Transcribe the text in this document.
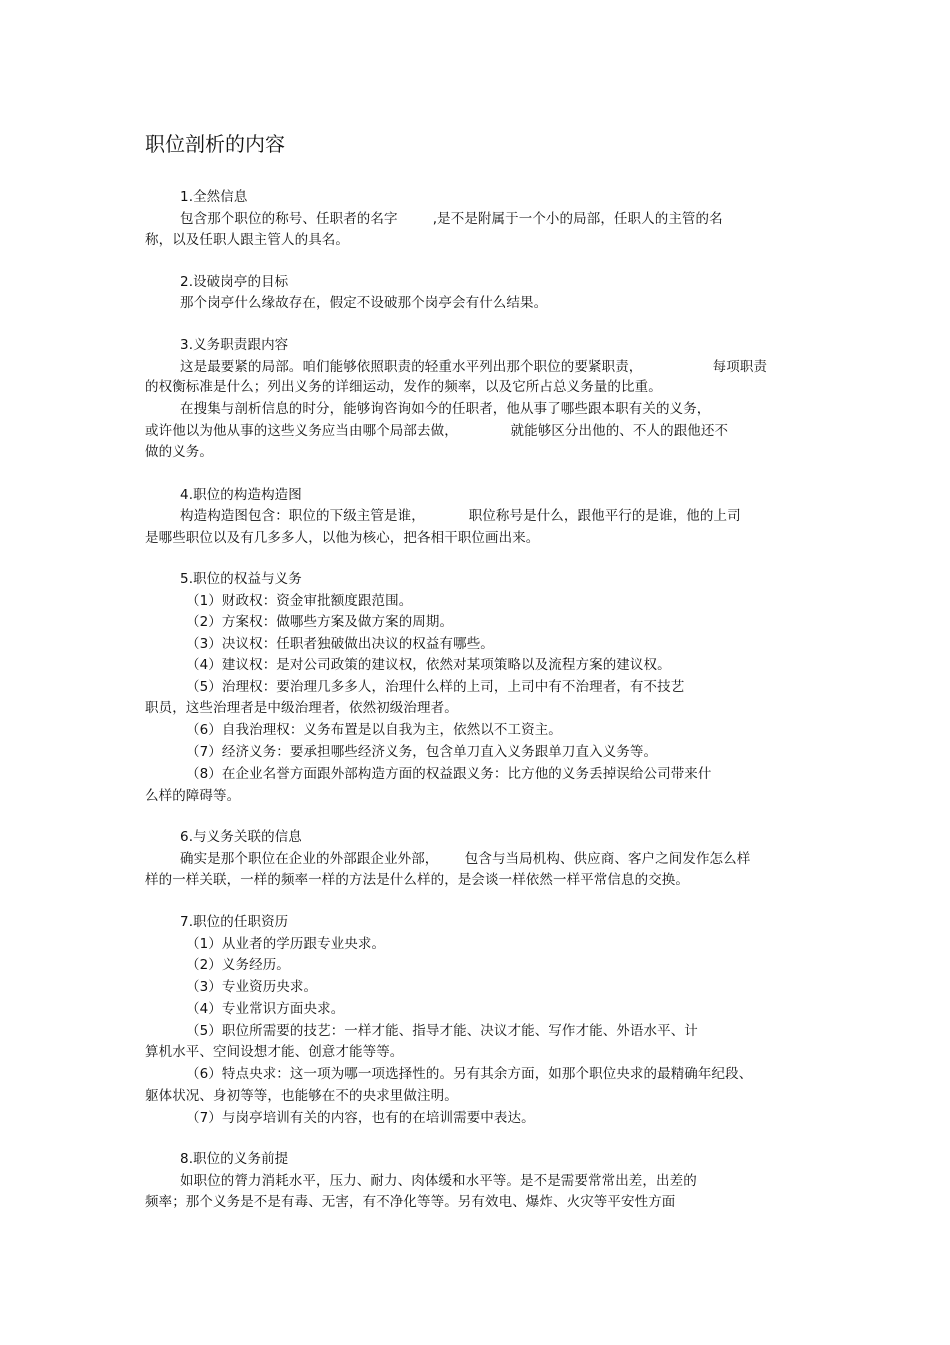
职位剖析的内容
1.全然信息
包含那个职位的称号、任职者的名字        ,是不是附属于一个小的局部，任职人的主管的名
称，以及任职人跟主管人的具名。
2.设破岗亭的目标
那个岗亭什么缘故存在，假定不设破那个岗亭会有什么结果。
3.义务职责跟内容
这是最要紧的局部。咱们能够依照职责的轻重水平列出那个职位的要紧职责，                每项职责
的权衡标准是什么；列出义务的详细运动，发作的频率，以及它所占总义务量的比重。
在搜集与剖析信息的时分，能够询咨询如今的任职者，他从事了哪些跟本职有关的义务，
或许他以为他从事的这些义务应当由哪个局部去做，            就能够区分出他的、不人的跟他还不
做的义务。
4.职位的构造构造图
构造构造图包含：职位的下级主管是谁，          职位称号是什么，跟他平行的是谁，他的上司
是哪些职位以及有几多多人，以他为核心，把各相干职位画出来。
5.职位的权益与义务
（1）财政权：资金审批额度跟范围。
（2）方案权：做哪些方案及做方案的周期。
（3）决议权：任职者独破做出决议的权益有哪些。
（4）建议权：是对公司政策的建议权，依然对某项策略以及流程方案的建议权。
（5）治理权：要治理几多多人，治理什么样的上司，上司中有不治理者，有不技艺
职员，这些治理者是中级治理者，依然初级治理者。
（6）自我治理权：义务布置是以自我为主，依然以不工资主。
（7）经济义务：要承担哪些经济义务，包含单刀直入义务跟单刀直入义务等。
（8）在企业名誉方面跟外部构造方面的权益跟义务：比方他的义务丢掉误给公司带来什
么样的障碍等。
6.与义务关联的信息
确实是那个职位在企业的外部跟企业外部，      包含与当局机构、供应商、客户之间发作怎么样
样的一样关联，一样的频率一样的方法是什么样的，是会谈一样依然一样平常信息的交换。
7.职位的任职资历
（1）从业者的学历跟专业央求。
（2）义务经历。
（3）专业资历央求。
（4）专业常识方面央求。
（5）职位所需要的技艺：一样才能、指导才能、决议才能、写作才能、外语水平、计
算机水平、空间设想才能、创意才能等等。
（6）特点央求：这一项为哪一项选择性的。另有其余方面，如那个职位央求的最精确年纪段、
躯体状况、身初等等，也能够在不的央求里做注明。
（7）与岗亭培训有关的内容，也有的在培训需要中表达。
8.职位的义务前提
如职位的膂力消耗水平，压力、耐力、肉体缓和水平等。是不是需要常常出差，出差的
频率；那个义务是不是有毒、无害，有不净化等等。另有效电、爆炸、火灾等平安性方面
